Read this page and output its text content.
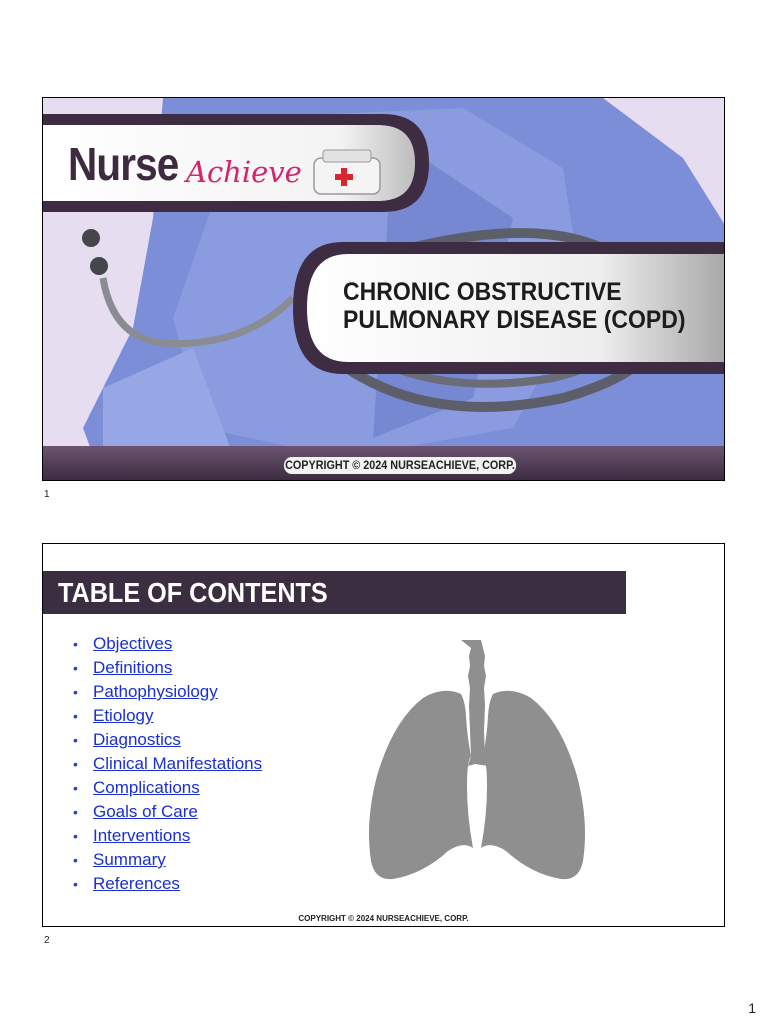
Nurse Achieve
CHRONIC OBSTRUCTIVE
PULMONARY DISEASE (COPD)
COPYRIGHT © 2024 NURSEACHIEVE, CORP.
1
TABLE OF CONTENTS
• Objectives
• Definitions
• Pathophysiology
• Etiology
• Diagnostics
• Clinical Manifestations
• Complications
• Goals of Care
• Interventions
• Summary
• References
COPYRIGHT © 2024 NURSEACHIEVE, CORP.
2
1
